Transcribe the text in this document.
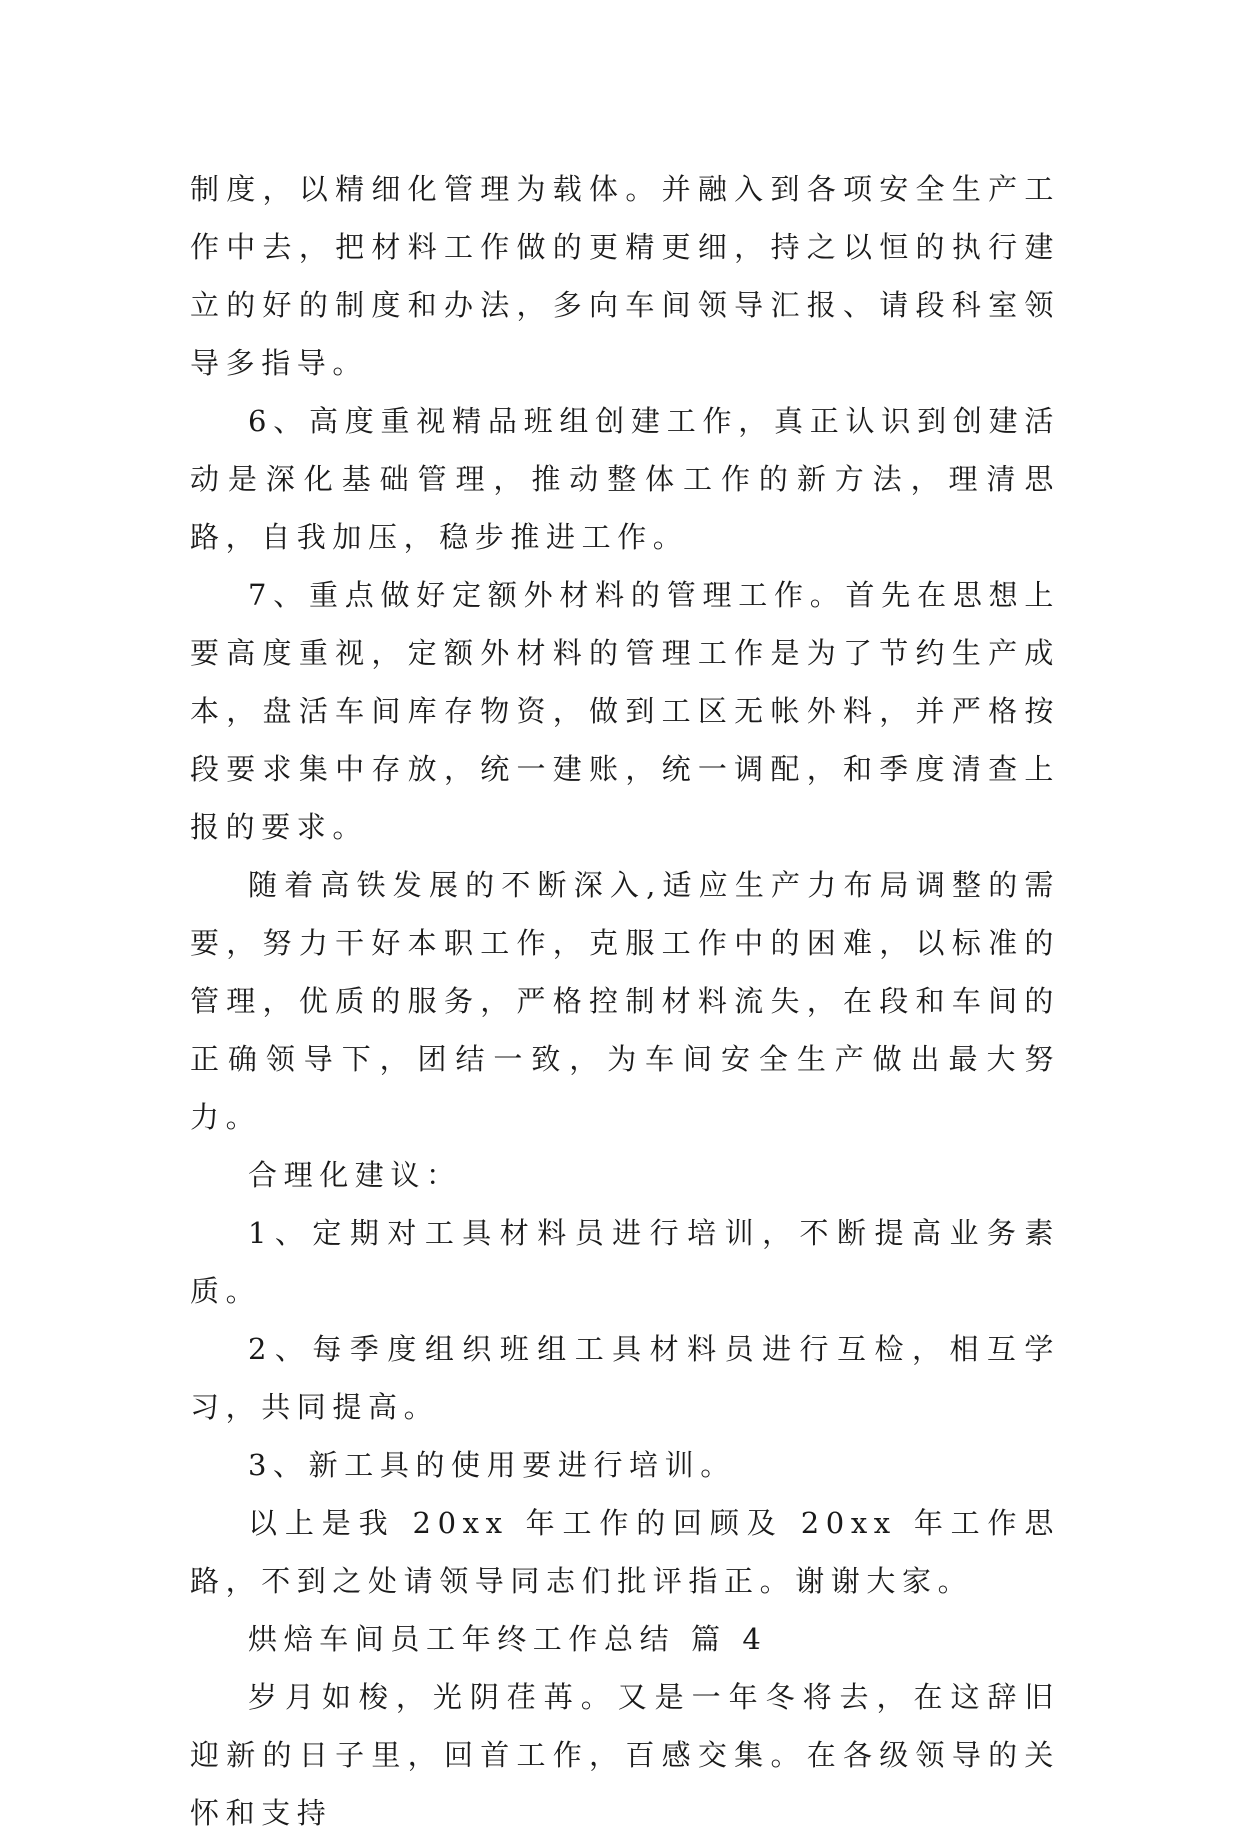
制度，以精细化管理为载体。并融入到各项安全生产工作中去，把材料工作做的更精更细，持之以恒的执行建立的好的制度和办法，多向车间领导汇报、请段科室领导多指导。

6、高度重视精品班组创建工作，真正认识到创建活动是深化基础管理，推动整体工作的新方法，理清思路，自我加压，稳步推进工作。

7、重点做好定额外材料的管理工作。首先在思想上要高度重视，定额外材料的管理工作是为了节约生产成本，盘活车间库存物资，做到工区无帐外料，并严格按段要求集中存放，统一建账，统一调配，和季度清查上报的要求。

随着高铁发展的不断深入,适应生产力布局调整的需要，努力干好本职工作，克服工作中的困难，以标准的管理，优质的服务，严格控制材料流失，在段和车间的正确领导下，团结一致，为车间安全生产做出最大努力。

合理化建议：

1、定期对工具材料员进行培训，不断提高业务素质。

2、每季度组织班组工具材料员进行互检，相互学习，共同提高。

3、新工具的使用要进行培训。

以上是我 20xx 年工作的回顾及 20xx 年工作思路，不到之处请领导同志们批评指正。谢谢大家。

烘焙车间员工年终工作总结 篇 4

岁月如梭，光阴荏苒。又是一年冬将去，在这辞旧迎新的日子里，回首工作，百感交集。在各级领导的关怀和支持
